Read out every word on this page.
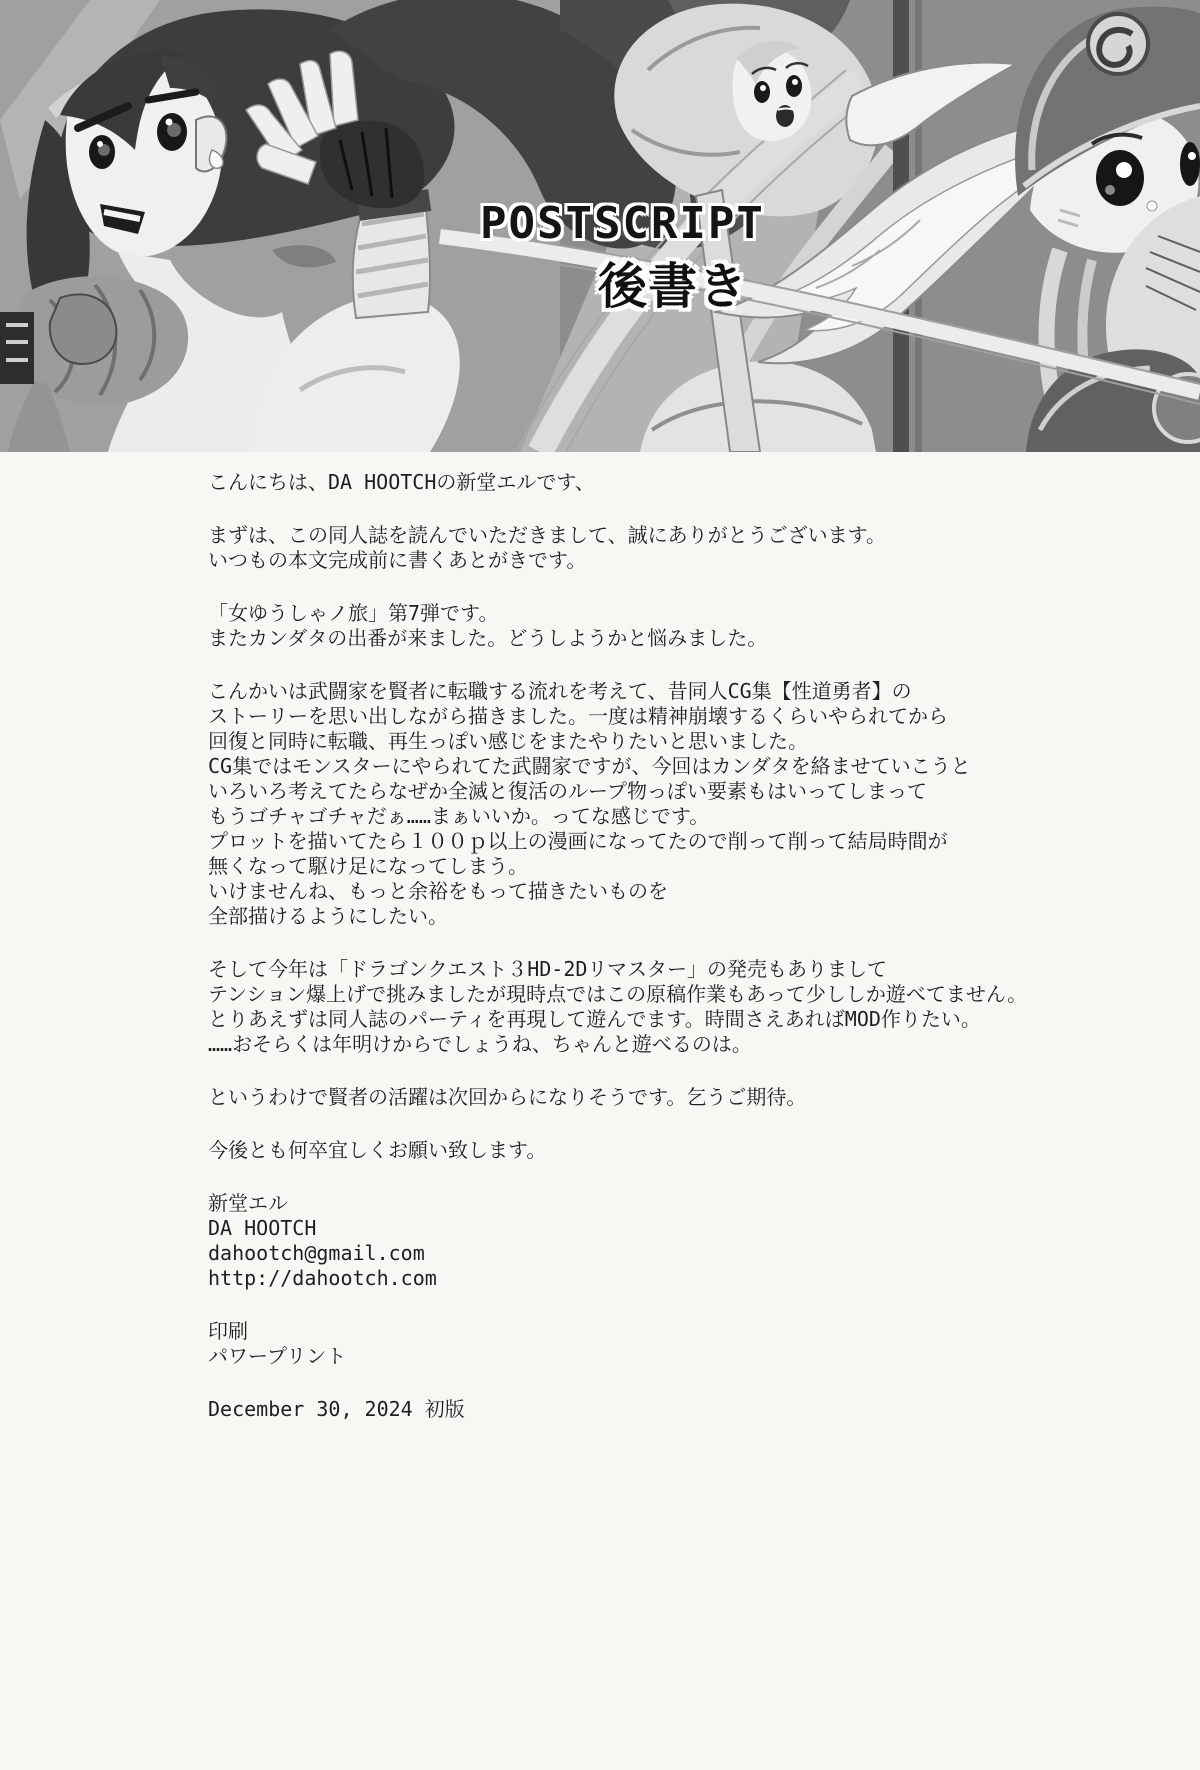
POSTSCRIPT
後書き

こんにちは、DA HOOTCHの新堂エルです、

まずは、この同人誌を読んでいただきまして、誠にありがとうございます。
いつもの本文完成前に書くあとがきです。

「女ゆうしゃノ旅」第7弾です。
またカンダタの出番が来ました。どうしようかと悩みました。

こんかいは武闘家を賢者に転職する流れを考えて、昔同人CG集【性道勇者】の
ストーリーを思い出しながら描きました。一度は精神崩壊するくらいやられてから
回復と同時に転職、再生っぽい感じをまたやりたいと思いました。
CG集ではモンスターにやられてた武闘家ですが、今回はカンダタを絡ませていこうと
いろいろ考えてたらなぜか全滅と復活のループ物っぽい要素もはいってしまって
もうゴチャゴチャだぁ……まぁいいか。ってな感じです。
プロットを描いてたら１００ｐ以上の漫画になってたので削って削って結局時間が
無くなって駆け足になってしまう。
いけませんね、もっと余裕をもって描きたいものを
全部描けるようにしたい。

そして今年は「ドラゴンクエスト３HD-2Dリマスター」の発売もありまして
テンション爆上げで挑みましたが現時点ではこの原稿作業もあって少ししか遊べてません。
とりあえずは同人誌のパーティを再現して遊んでます。時間さえあればMOD作りたい。
……おそらくは年明けからでしょうね、ちゃんと遊べるのは。

というわけで賢者の活躍は次回からになりそうです。乞うご期待。

今後とも何卒宜しくお願い致します。

新堂エル
DA HOOTCH
dahootch@gmail.com
http://dahootch.com

印刷
パワープリント

December 30, 2024 初版
